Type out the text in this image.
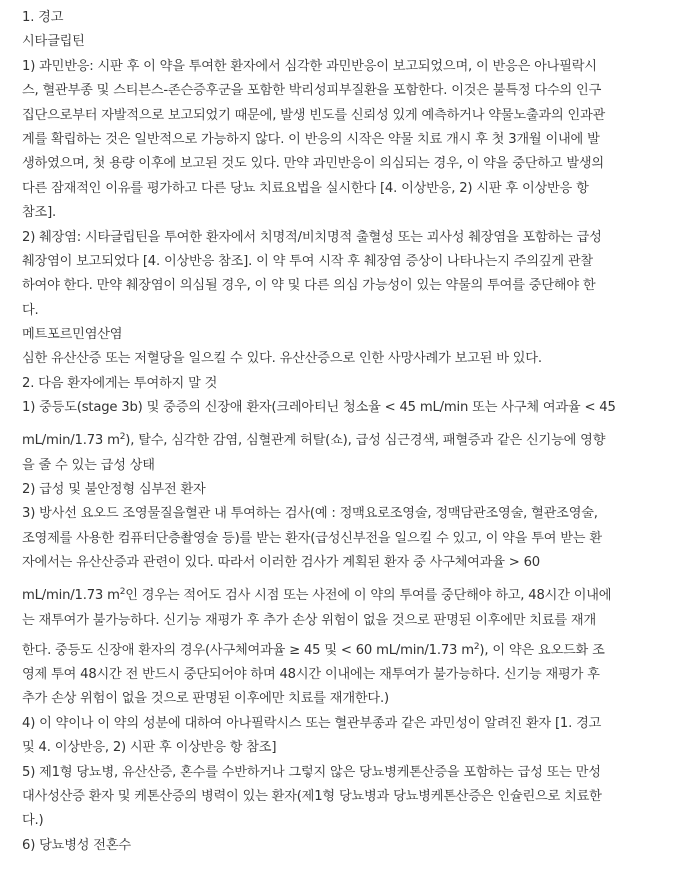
1. 경고
시타글립틴
1) 과민반응: 시판 후 이 약을 투여한 환자에서 심각한 과민반응이 보고되었으며, 이 반응은 아나필락시
스, 혈관부종 및 스티븐스-존슨증후군을 포함한 박리성피부질환을 포함한다. 이것은 불특정 다수의 인구
집단으로부터 자발적으로 보고되었기 때문에, 발생 빈도를 신뢰성 있게 예측하거나 약물노출과의 인과관
계를 확립하는 것은 일반적으로 가능하지 않다. 이 반응의 시작은 약물 치료 개시 후 첫 3개월 이내에 발
생하였으며, 첫 용량 이후에 보고된 것도 있다. 만약 과민반응이 의심되는 경우, 이 약을 중단하고 발생의
다른 잠재적인 이유를 평가하고 다른 당뇨 치료요법을 실시한다 [4. 이상반응, 2) 시판 후 이상반응 항
참조].
2) 췌장염: 시타글립틴을 투여한 환자에서 치명적/비치명적 출혈성 또는 괴사성 췌장염을 포함하는 급성
췌장염이 보고되었다 [4. 이상반응 참조]. 이 약 투여 시작 후 췌장염 증상이 나타나는지 주의깊게 관찰
하여야 한다. 만약 췌장염이 의심될 경우, 이 약 및 다른 의심 가능성이 있는 약물의 투여를 중단해야 한
다.
메트포르민염산염
심한 유산산증 또는 저혈당을 일으킬 수 있다. 유산산증으로 인한 사망사례가 보고된 바 있다.
2. 다음 환자에게는 투여하지 말 것
1) 중등도(stage 3b) 및 중증의 신장애 환자(크레아티닌 청소율 < 45 mL/min 또는 사구체 여과율 < 45
mL/min/1.73 $m^2$), 탈수, 심각한 감염, 심혈관계 허탈(쇼), 급성 심근경색, 패혈증과 같은 신기능에 영향
을 줄 수 있는 급성 상태
2) 급성 및 불안정형 심부전 환자
3) 방사선 요오드 조영물질을혈관 내 투여하는 검사(예 : 정맥요로조영술, 정맥담관조영술, 혈관조영술,
조영제를 사용한 컴퓨터단층촬영술 등)를 받는 환자(급성신부전을 일으킬 수 있고, 이 약을 투여 받는 환
자에서는 유산산증과 관련이 있다. 따라서 이러한 검사가 계획된 환자 중 사구체여과율 > 60
mL/min/1.73 $m^2$인 경우는 적어도 검사 시점 또는 사전에 이 약의 투여를 중단해야 하고, 48시간 이내에
는 재투여가 불가능하다. 신기능 재평가 후 추가 손상 위험이 없을 것으로 판명된 이후에만 치료를 재개
한다. 중등도 신장애 환자의 경우(사구체여과율 ≥ 45 및 < 60 mL/min/1.73 $m^2$), 이 약은 요오드화 조
영제 투여 48시간 전 반드시 중단되어야 하며 48시간 이내에는 재투여가 불가능하다. 신기능 재평가 후
추가 손상 위험이 없을 것으로 판명된 이후에만 치료를 재개한다.)
4) 이 약이나 이 약의 성분에 대하여 아나필락시스 또는 혈관부종과 같은 과민성이 알려진 환자 [1. 경고
및 4. 이상반응, 2) 시판 후 이상반응 항 참조]
5) 제1형 당뇨병, 유산산증, 혼수를 수반하거나 그렇지 않은 당뇨병케톤산증을 포함하는 급성 또는 만성
대사성산증 환자 및 케톤산증의 병력이 있는 환자(제1형 당뇨병과 당뇨병케톤산증은 인슐린으로 치료한
다.)
6) 당뇨병성 전혼수
